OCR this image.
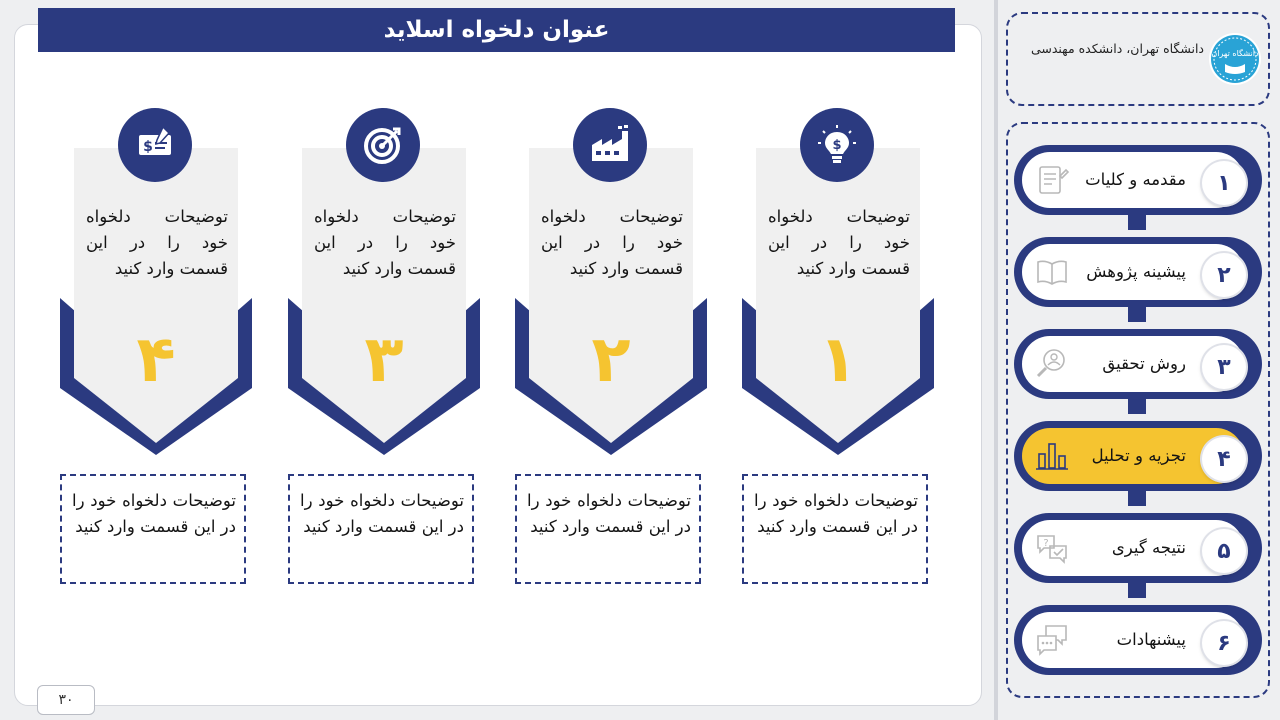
عنوان دلخواه اسلاید
$
توضیحات دلخواه خود را در این قسمت وارد کنید
۴
توضیحات دلخواه خود را در این قسمت وارد کنید
توضیحات دلخواه خود را در این قسمت وارد کنید
۳
توضیحات دلخواه خود را در این قسمت وارد کنید
توضیحات دلخواه خود را در این قسمت وارد کنید
۲
توضیحات دلخواه خود را در این قسمت وارد کنید
$
توضیحات دلخواه خود را در این قسمت وارد کنید
۱
توضیحات دلخواه خود را در این قسمت وارد کنید
۳۰
دانشگاه تهران
دانشگاه تهران، دانشکده مهندسی
مقدمه و کلیات	۱
پیشینه پژوهش	۲
روش تحقیق	۳
تجزیه و تحلیل	۴
?	نتیجه گیری	۵
پیشنهادات	۶
